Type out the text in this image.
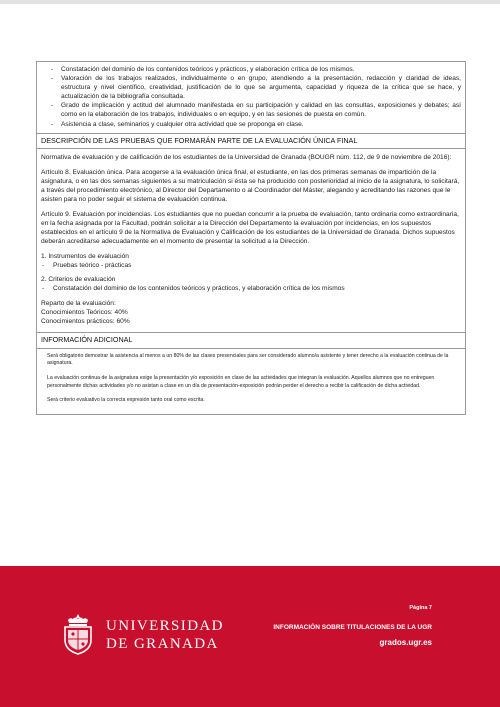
- Constatación del dominio de los contenidos teóricos y prácticos, y elaboración crítica de los mismos.
- Valoración de los trabajos realizados, individualmente o en grupo, atendiendo a la presentación, redacción y claridad de ideas, estructura y nivel científico, creatividad, justificación de lo que se argumenta, capacidad y riqueza de la crítica que se hace, y actualización de la bibliografía consultada.
- Grado de implicación y actitud del alumnado manifestada en su participación y calidad en las consultas, exposiciones y debates; así como en la elaboración de los trabajos, individuales o en equipo, y en las sesiones de puesta en común.
- Asistencia a clase, seminarios y cualquier otra actividad que se proponga en clase.
DESCRIPCIÓN DE LAS PRUEBAS QUE FORMARÁN PARTE DE LA EVALUACIÓN ÚNICA FINAL

Normativa de evaluación y de calificación de los estudiantes de la Universidad de Granada (BOUGR núm. 112, de 9 de noviembre de 2016):

Artículo 8. Evaluación única. Para acogerse a la evaluación única final, el estudiante, en las dos primeras semanas de impartición de la asignatura, o en las dos semanas siguientes a su matriculación si ésta se ha producido con posterioridad al inicio de la asignatura, lo solicitará, a través del procedimiento electrónico, al Director del Departamento o al Coordinador del Máster, alegando y acreditando las razones que le asisten para no poder seguir el sistema de evaluación continua.

Artículo 9. Evaluación por incidencias. Los estudiantes que no puedan concurrir a la prueba de evaluación, tanto ordinaria como extraordinaria, en la fecha asignada por la Facultad, podrán solicitar a la Dirección del Departamento la evaluación por incidencias, en los supuestos establecidos en el artículo 9 de la Normativa de Evaluación y Calificación de los estudiantes de la Universidad de Granada. Dichos supuestos deberán acreditarse adecuadamente en el momento de presentar la solicitud a la Dirección.

1. Instrumentos de evaluación

- Pruebas teórico - prácticas

2. Criterios de evaluación

- Constatación del dominio de los contenidos teóricos y prácticos, y elaboración crítica de los mismos

Reparto de la evaluación:

Conocimientos Teóricos: 40%

Conocimientos prácticos: 60%

INFORMACIÓN ADICIONAL

Será obligatorio demostrar la asistencia al menos a un 80% de las clases presenciales para ser considerado alumno/a asistente y tener derecho a la evaluación continua de la asignatura.

La evaluación continua de la asignatura exige la presentación y/o exposición en clase de las actividades que integran la evaluación. Aquellos alumnos que no entreguen personalmente dichas actividades y/o no asistan a clase en un día de presentación-exposición podrán perder el derecho a recibir la calificación de dicha actividad.

Será criterio evaluativo la correcta expresión tanto oral como escrita.

UNIVERSIDAD
DE GRANADA
Página 7
INFORMACIÓN SOBRE TITULACIONES DE LA UGR
grados.ugr.es
